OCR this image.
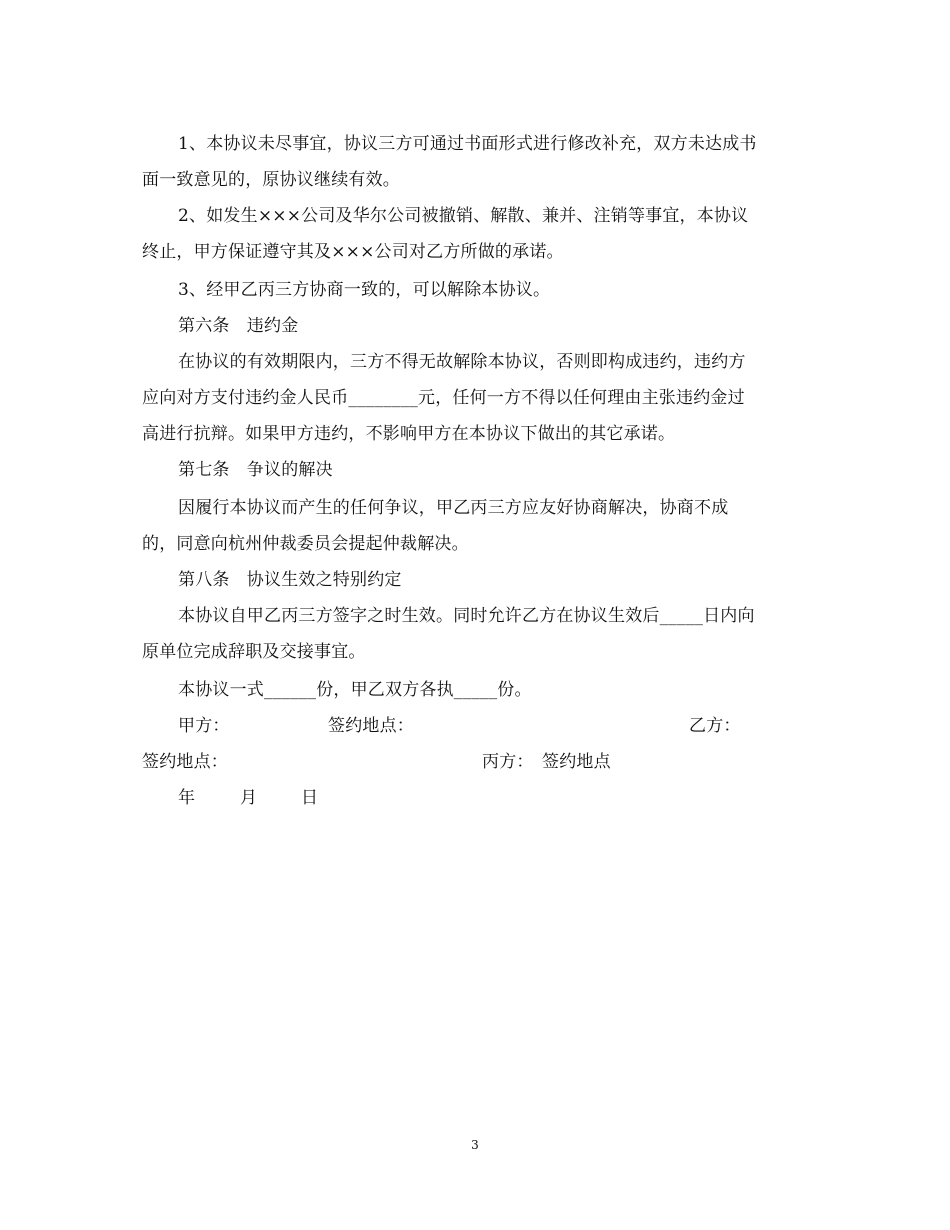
1、本协议未尽事宜，协议三方可通过书面形式进行修改补充，双方未达成书
面一致意见的，原协议继续有效。
2、如发生×××公司及华尔公司被撤销、解散、兼并、注销等事宜，本协议
终止，甲方保证遵守其及×××公司对乙方所做的承诺。
3、经甲乙丙三方协商一致的，可以解除本协议。
第六条　违约金
在协议的有效期限内，三方不得无故解除本协议，否则即构成违约，违约方
应向对方支付违约金人民币________元，任何一方不得以任何理由主张违约金过
高进行抗辩。如果甲方违约，不影响甲方在本协议下做出的其它承诺。
第七条　争议的解决
因履行本协议而产生的任何争议，甲乙丙三方应友好协商解决，协商不成
的，同意向杭州仲裁委员会提起仲裁解决。
第八条　协议生效之特别约定
本协议自甲乙丙三方签字之时生效。同时允许乙方在协议生效后_____日内向
原单位完成辞职及交接事宜。
本协议一式______份，甲乙双方各执_____份。
甲方：	签约地点：	乙方：
签约地点：	丙方： 签约地点
年	月	日
3
